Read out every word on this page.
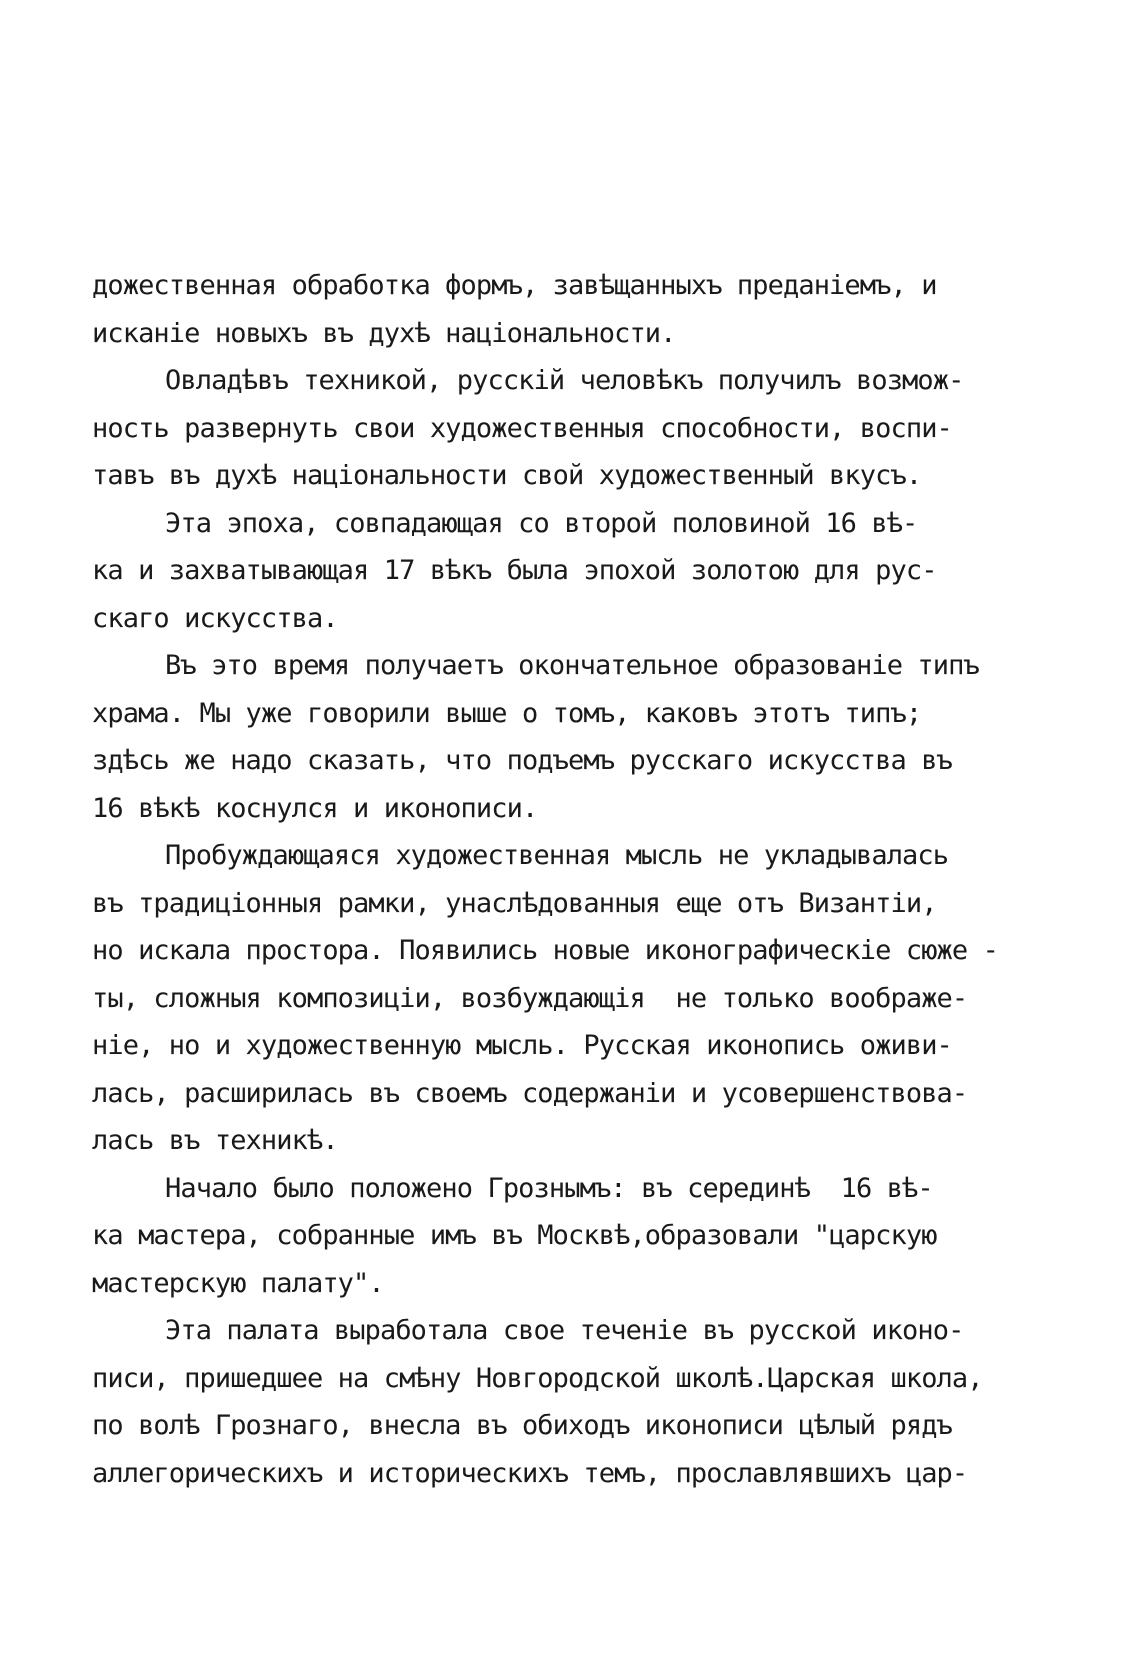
дожественная обработка формъ, завѣщанныхъ преданіемъ, и
исканіе новыхъ въ духѣ національности.
Овладѣвъ техникой, русскій человѣкъ получилъ возмож-
ность развернуть свои художественныя способности, воспи-
тавъ въ духѣ національности свой художественный вкусъ.
Эта эпоха, совпадающая со второй половиной 16 вѣ-
ка и захватывающая 17 вѣкъ была эпохой золотою для рус-
скаго искусства.
Въ это время получаетъ окончательное образованіе типъ
храма. Мы уже говорили выше о томъ, каковъ этотъ типъ;
здѣсь же надо сказать, что подъемъ русскаго искусства въ
16 вѣкѣ коснулся и иконописи.
Пробуждающаяся художественная мысль не укладывалась
въ традиціонныя рамки, унаслѣдованныя еще отъ Византіи,
но искала простора. Появились новые иконографическіе сюже -
ты, сложныя композиціи, возбуждающія  не только воображе-
ніе, но и художественную мысль. Русская иконопись оживи-
лась, расширилась въ своемъ содержаніи и усовершенствова-
лась въ техникѣ.
Начало было положено Грознымъ: въ серединѣ  16 вѣ-
ка мастера, собранные имъ въ Москвѣ,образовали "царскую
мастерскую палату".
Эта палата выработала свое теченіе въ русской иконо-
писи, пришедшее на смѣну Новгородской школѣ.Царская школа,
по волѣ Грознаго, внесла въ обиходъ иконописи цѣлый рядъ
аллегорическихъ и историческихъ темъ, прославлявшихъ цар-
